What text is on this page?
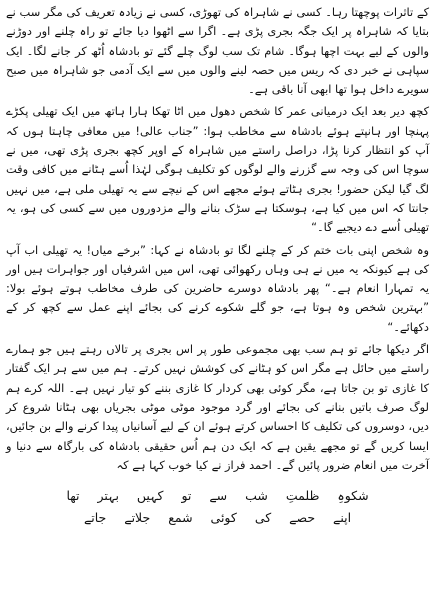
کے تاثرات پوچھتا رہا۔ کسی نے شاہراہ کی تھوڑی، کسی نے زیادہ تعریف کی مگر سب نے بتایا کہ شاہراہ پر ایک جگہ بجری پڑی ہے۔ اگرا سے اٹھوا دیا جائے تو راہ چلنے اور دوڑنے والوں کے لیے بہت اچھا ہوگا۔ شام تک سب لوگ چلے گئے تو بادشاہ اُٹھ کر جانے لگا۔ ایک سپاہی نے خبر دی کہ ریس میں حصہ لینے والوں میں سے ایک آدمی جو شاہراہ میں صبح سویرے داخل ہوا تھا ابھی آنا باقی ہے۔

کچھ دیر بعد ایک درمیانی عمر کا شخص دھول میں اٹا تھکا ہارا ہاتھ میں ایک تھیلی پکڑے پہنچا اور ہانپتے ہوئے بادشاہ سے مخاطب ہوا: ”جناب عالی! میں معافی چاہتا ہوں کہ آپ کو انتظار کرنا پڑا، دراصل راستے میں شاہراہ کے اوپر کچھ بجری پڑی تھی، میں نے سوچا اس کی وجہ سے گزرنے والے لوگوں کو تکلیف ہوگی لہٰذا اُسے ہٹانے میں کافی وقت لگ گیا لیکن حضور! بجری ہٹاتے ہوئے مجھے اس کے نیچے سے یہ تھیلی ملی ہے، میں نہیں جانتا کہ اس میں کیا ہے، ہوسکتا ہے سڑک بنانے والے مزدوروں میں سے کسی کی ہو، یہ تھیلی اُسے دے دیجیے گا۔“

وہ شخص اپنی بات ختم کر کے چلنے لگا تو بادشاہ نے کہا: ”برخے میاں! یہ تھیلی اب آپ کی ہے کیونکہ یہ میں نے ہی وہاں رکھوائی تھی، اس میں اشرفیاں اور جواہرات ہیں اور یہ تمہارا انعام ہے۔“ پھر بادشاہ دوسرے حاضرین کی طرف مخاطب ہوتے ہوئے بولا: ”بہترین شخص وہ ہوتا ہے، جو گلے شکوے کرنے کی بجائے اپنے عمل سے کچھ کر کے دکھائے۔“

اگر دیکھا جائے تو ہم سب بھی مجموعی طور پر اس بجری پر تالاں رہتے ہیں جو ہمارے راستے میں حائل ہے مگر اس کو ہٹانے کی کوشش نہیں کرتے۔ ہم میں سے ہر ایک گفتار کا غازی تو بن جاتا ہے، مگر کوئی بھی کردار کا غازی بننے کو تیار نہیں ہے۔ اللہ کرے ہم لوگ صرف باتیں بنانے کی بجائے اور گرد موجود موٹی موٹی بجریاں بھی ہٹانا شروع کر دیں، دوسروں کی تکلیف کا احساس کرتے ہوئے ان کے لیے آسانیاں پیدا کرنے والے بن جائیں، ایسا کریں گے تو مجھے یقین ہے کہ ایک دن ہم اُس حقیقی بادشاہ کی بارگاہ سے دنیا و آخرت میں انعام ضرور پائیں گے۔ احمد فراز نے کیا خوب کہا ہے کہ

شکوہِ ظلمتِ شب سے تو کہیں بہتر تھا
اپنے حصے کی کوئی شمع جلاتے جاتے
